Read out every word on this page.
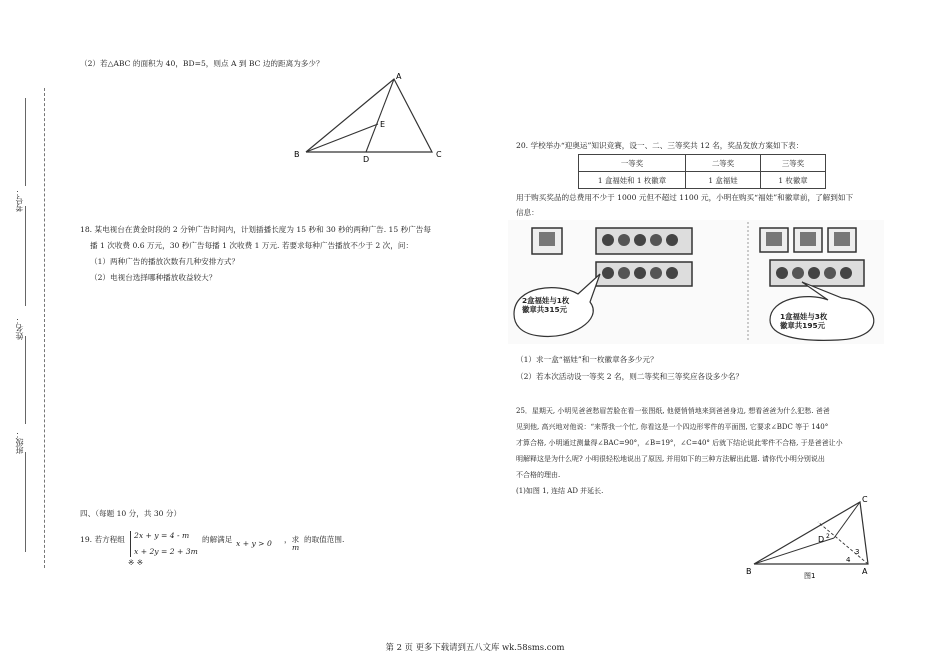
考号：
姓名：
班级：
（2）若△ABC 的面积为 40，BD=5，则点 A 到 BC 边的距离为多少？
A
B	C
D
E
18. 某电视台在黄金时段的 2 分钟广告时间内，计划插播长度为 15 秒和 30 秒的两种广告. 15 秒广告每
播 1 次收费 0.6 万元，30 秒广告每播 1 次收费 1 万元. 若要求每种广告播放不少于 2 次，问：
（1）两种广告的播放次数有几种安排方式？
（2）电视台选择哪种播放收益较大？
四、（每题 10 分，共 30 分）
19. 若方程组 2x + y = 4 - m
x + 2y = 2 + 3m
的解满足 x + y > 0 ，求
m
的取值范围.
※ ※
20. 学校举办“迎奥运”知识竞赛，设一、二、三等奖共 12 名，奖品发放方案如下表：
一等奖	二等奖	三等奖
1 盒福娃和 1 枚徽章	1 盒福娃	1 枚徽章
用于购买奖品的总费用不少于 1000 元但不超过 1100 元，小明在购买“福娃”和徽章前，了解到如下
信息：
2盒福娃与1枚
徽章共315元
1盒福娃与3枚
徽章共195元
（1）求一盒“福娃”和一枚徽章各多少元？
（2）若本次活动设一等奖 2 名，则二等奖和三等奖应各设多少名？
25．星期天, 小明见爸爸愁眉苦脸在看一张图纸, 他便悄悄地来到爸爸身边, 想看爸爸为什么犯愁. 爸爸
见到他, 高兴地对他说：“来帮我一个忙, 你看这是一个四边形零件的平面图, 它要求∠BDC 等于 140°
才算合格, 小明通过测量得∠BAC=90°，∠B=19°，∠C=40° 后就下结论说此零件不合格, 于是爸爸让小
明解释这是为什么呢? 小明很轻松地说出了原因, 并用如下的三种方法解出此题. 请你代小明分别说出
不合格的理由.
(1)如图 1, 连结 AD 并延长.
C
D 2
3
4
B	A
图1
第 2 页 更多下载请到五八文库 wk.58sms.com
